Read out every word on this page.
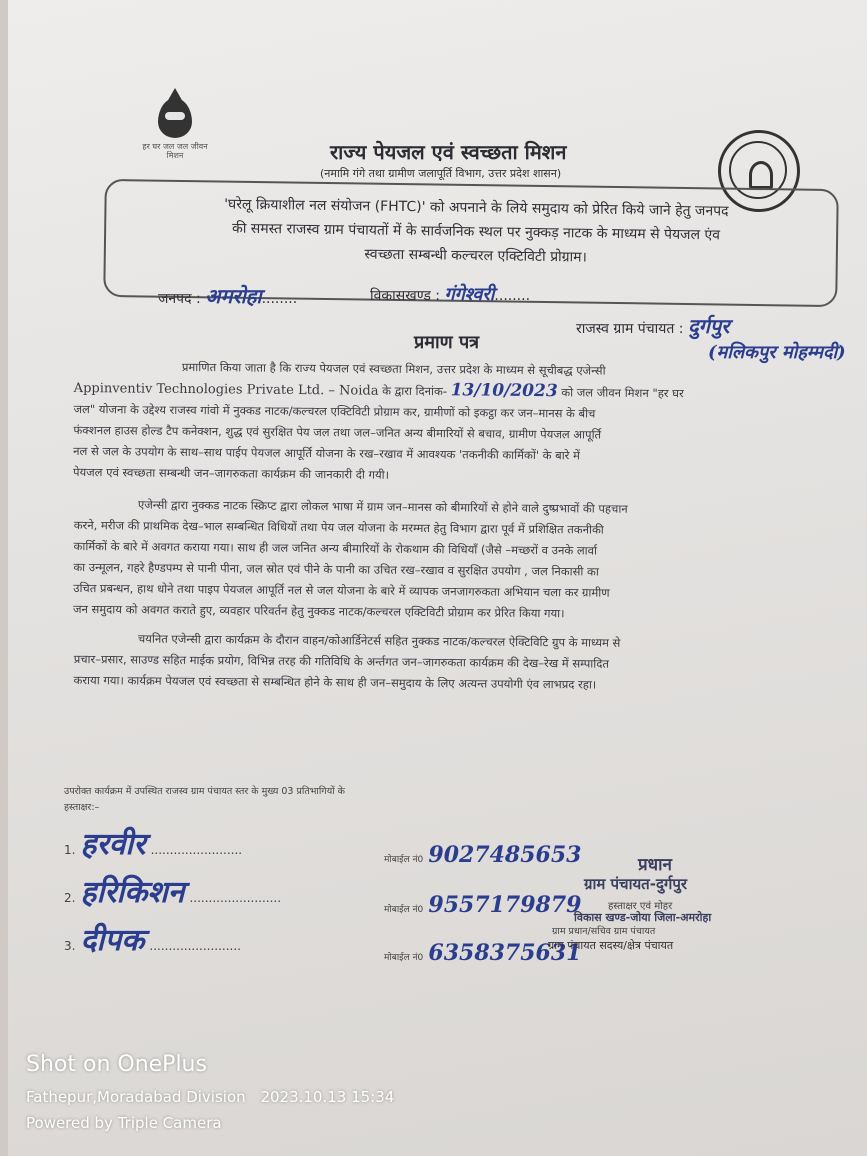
हर घर जल जल जीवन मिशन	राज्य पेयजल एवं स्वच्छता मिशन
(नमामि गंगे तथा ग्रामीण जलापूर्ति विभाग, उत्तर प्रदेश शासन)
'घरेलू क्रियाशील नल संयोजन (FHTC)' को अपनाने के लिये समुदाय को प्रेरित किये जाने हेतु जनपद
की समस्त राजस्व ग्राम पंचायतों में के सार्वजनिक स्थल पर नुक्कड़ नाटक के माध्यम से पेयजल एंव
स्वच्छता सम्बन्धी कल्चरल एक्टिविटी प्रोग्राम।
जनपद : अमरोहा........	विकासखण्ड : गंगेश्वरी........
राजस्व ग्राम पंचायत : दुर्गपुर
(मलिकपुर मोहम्मदी)
प्रमाण पत्र
प्रमाणित किया जाता है कि राज्य पेयजल एवं स्वच्छता मिशन, उत्तर प्रदेश के माध्यम से सूचीबद्ध एजेन्सी
Appinventiv Technologies Private Ltd. – Noida के द्वारा दिनांक- 13/10/2023 को जल जीवन मिशन "हर घर
जल" योजना के उद्देश्य राजस्व गांवो में नुक्कड नाटक/कल्चरल एक्टिविटी प्रोग्राम कर, ग्रामीणों को इकट्ठा कर जन–मानस के बीच
फंक्शनल हाउस होल्ड टैप कनेक्शन, शुद्ध एवं सुरक्षित पेय जल तथा जल–जनित अन्य बीमारियों से बचाव, ग्रामीण पेयजल आपूर्ति
नल से जल के उपयोग के साथ–साथ पाईप पेयजल आपूर्ति योजना के रख–रखाव में आवश्यक 'तकनीकी कार्मिकों' के बारे में
पेयजल एवं स्वच्छता सम्बन्धी जन–जागरुकता कार्यक्रम की जानकारी दी गयी।
एजेन्सी द्वारा नुक्कड नाटक स्क्रिप्ट द्वारा लोकल भाषा में ग्राम जन–मानस को बीमारियों से होने वाले दुष्प्रभावों की पहचान
करने, मरीज की प्राथमिक देख–भाल सम्बन्धित विधियों तथा पेय जल योजना के मरम्मत हेतु विभाग द्वारा पूर्व में प्रशिक्षित तकनीकी
कार्मिकों के बारे में अवगत कराया गया। साथ ही जल जनित अन्य बीमारियों के रोकथाम की विधियाँ (जैसे –मच्छरों व उनके लार्वा
का उन्मूलन, गहरे हैण्डपम्प से पानी पीना, जल स्रोत एवं पीने के पानी का उचित रख–रखाव व सुरक्षित उपयोग , जल निकासी का
उचित प्रबन्धन, हाथ धोने तथा पाइप पेयजल आपूर्ति नल से जल योजना के बारे में व्यापक जनजागरुकता अभियान चला कर ग्रामीण
जन समुदाय को अवगत कराते हुए, व्यवहार परिवर्तन हेतु नुक्कड नाटक/कल्चरल एक्टिविटी प्रोग्राम कर प्रेरित किया गया।
चयनित एजेन्सी द्वारा कार्यक्रम के दौरान वाहन/कोआर्डिनेटर्स सहित नुक्कड नाटक/कल्चरल ऐक्टिविटि ग्रुप के माध्यम से
प्रचार–प्रसार, साउण्ड सहित माईक प्रयोग, विभिन्न तरह की गतिविधि के अर्न्तगत जन–जागरुकता कार्यक्रम की देख–रेख में सम्पादित
कराया गया। कार्यक्रम पेयजल एवं स्वच्छता से सम्बन्धित होने के साथ ही जन–समुदाय के लिए अत्यन्त उपयोगी एंव लाभप्रद रहा।
उपरोक्त कार्यक्रम में उपस्थित राजस्व ग्राम पंचायत स्तर के मुख्य 03 प्रतिभागियों के
हस्ताक्षर:–
1. हरवीर ........................
मोबाईल नं0 9027485653
2. हरिकिशन ........................
मोबाईल नं0 9557179879
3. दीपक ........................
मोबाईल नं0 6358375631
प्रधान
ग्राम पंचायत-दुर्गपुर
हस्ताक्षर एवं मोहर
विकास खण्ड-जोया जिला-अमरोहा
ग्राम प्रधान/सचिव ग्राम पंचायत
ग्राम पंचायत सदस्य/क्षेत्र पंचायत
Shot on OnePlus
Fathepur,Moradabad Division 2023.10.13 15:34
Powered by Triple Camera
